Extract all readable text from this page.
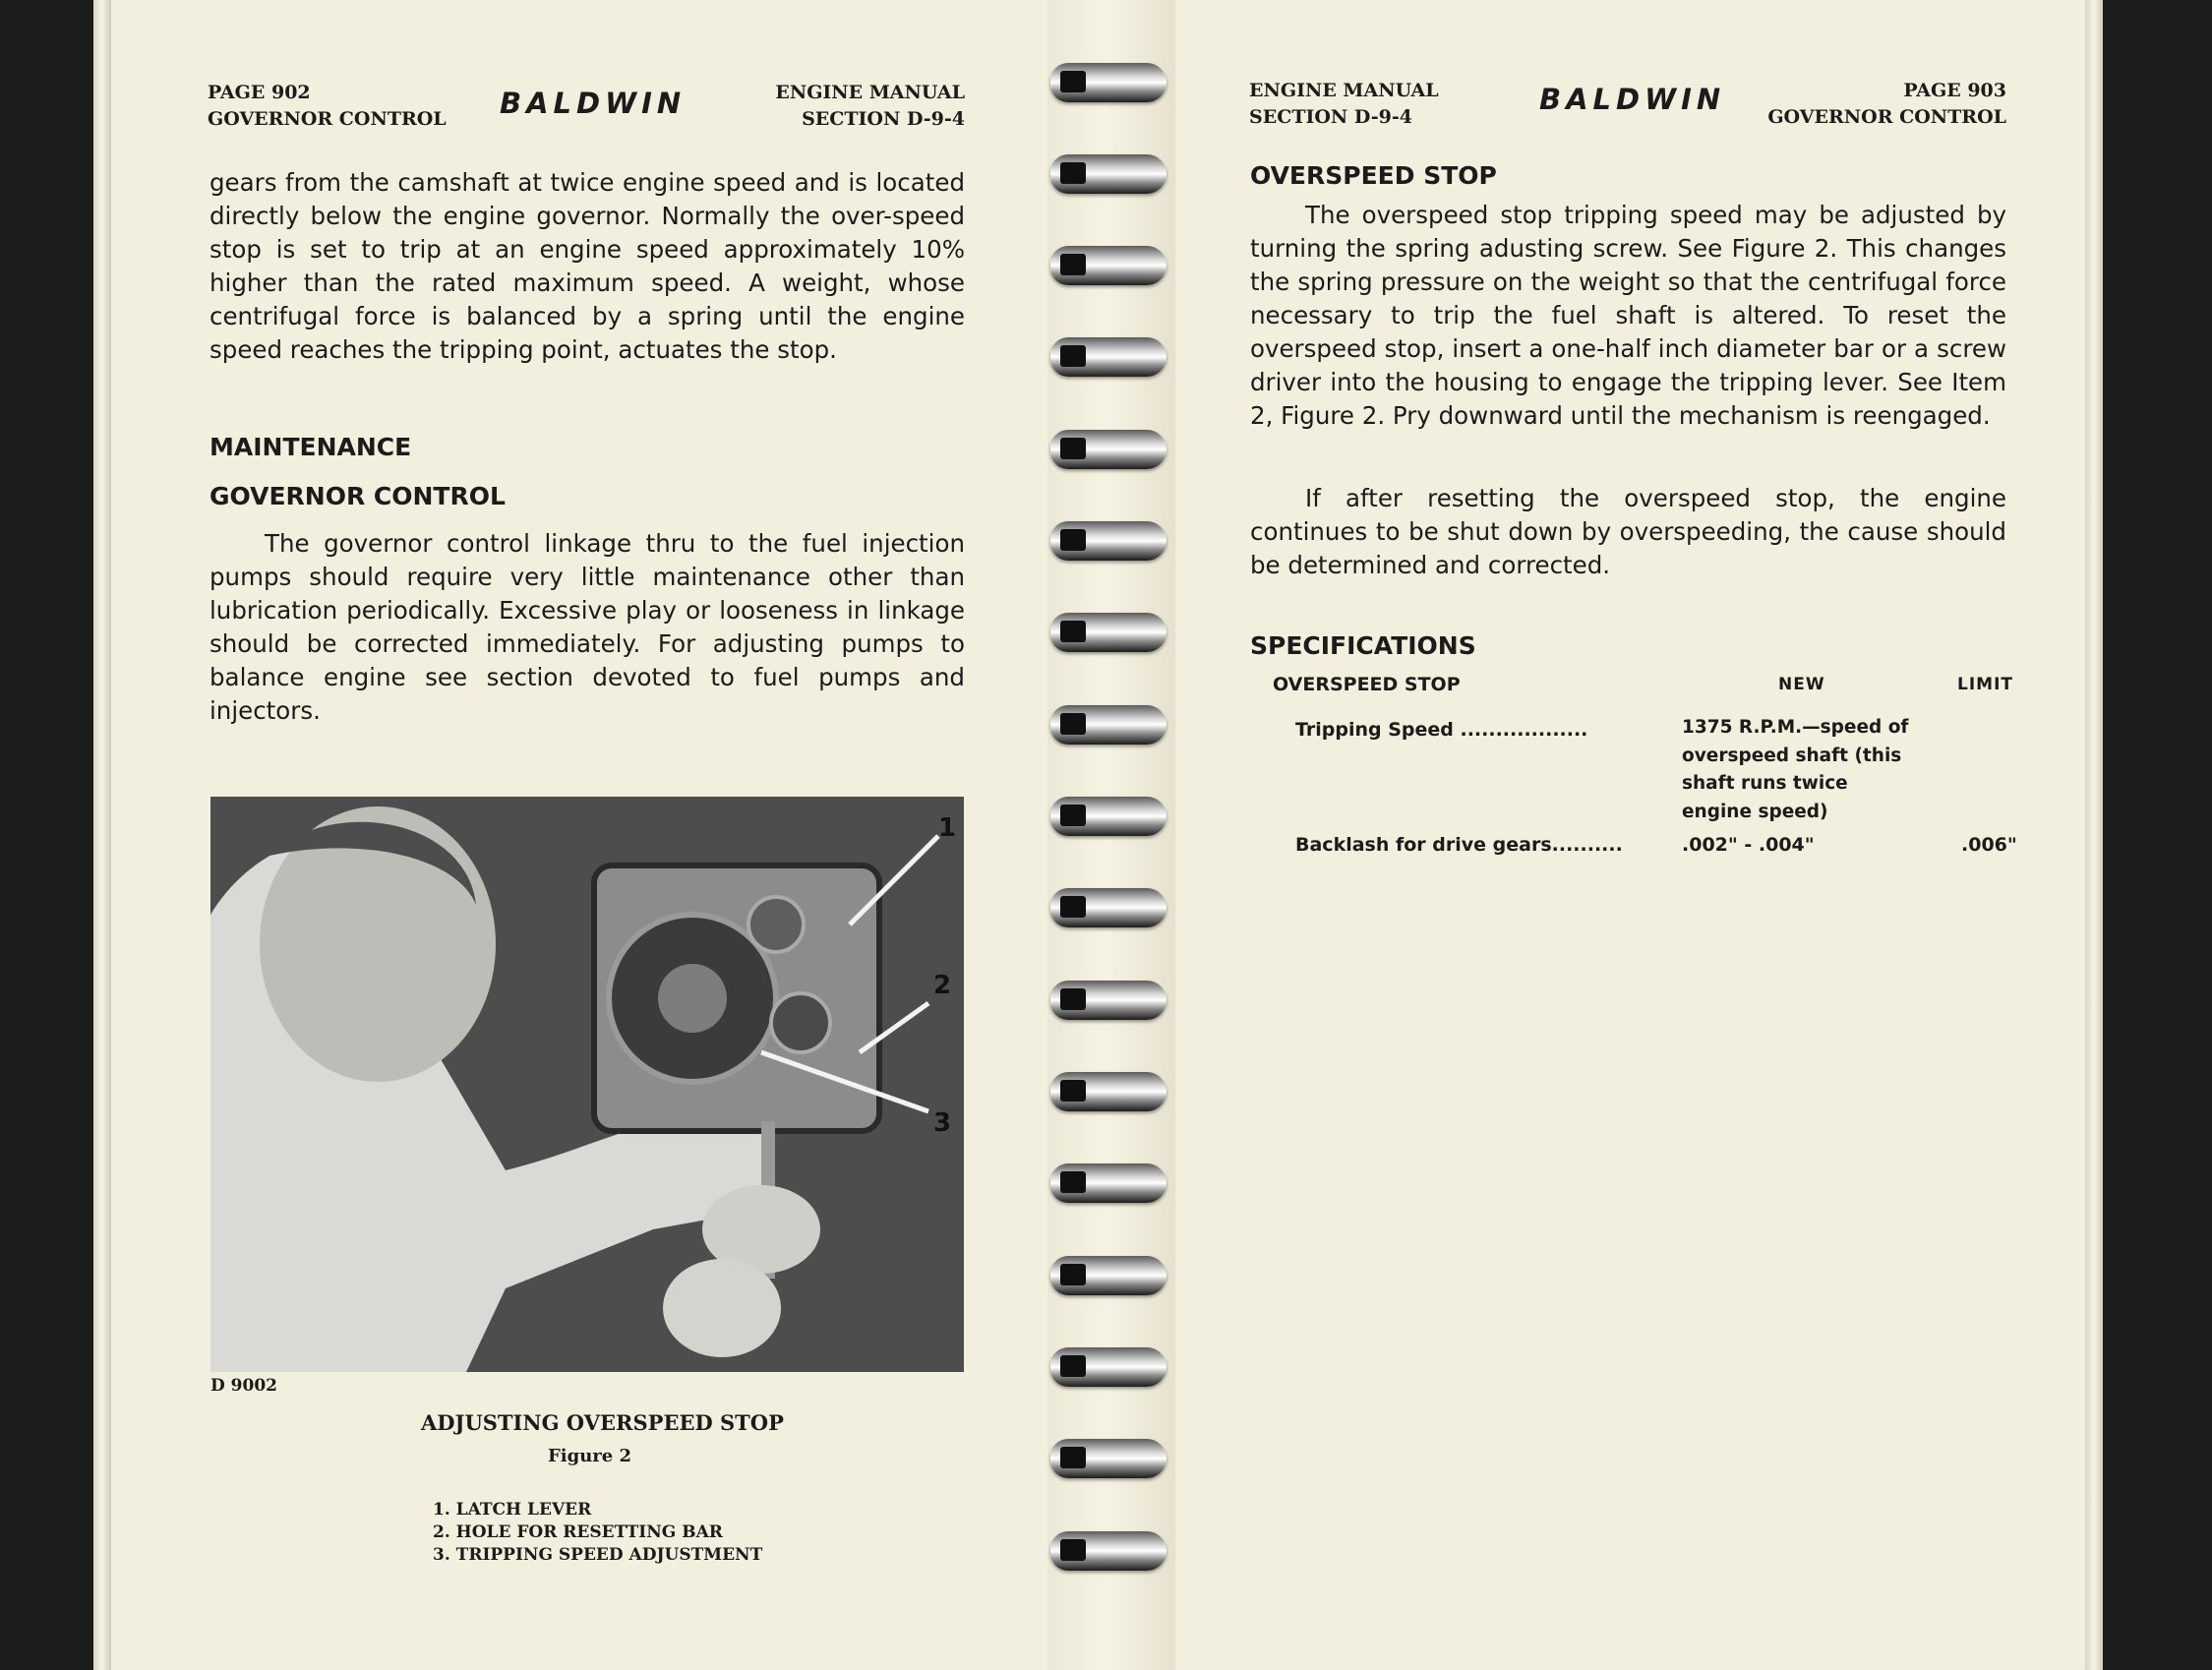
PAGE 902
GOVERNOR CONTROL BALDWIN	ENGINE MANUAL
SECTION D-9-4

gears from the camshaft at twice engine speed and is located directly below the engine governor. Normally the over-speed stop is set to trip at an engine speed approximately 10% higher than the rated maximum speed. A weight, whose centrifugal force is balanced by a spring until the engine speed reaches the tripping point, actuates the stop.

MAINTENANCE
GOVERNOR CONTROL

The governor control linkage thru to the fuel injection pumps should require very little maintenance other than lubrication periodically. Excessive play or looseness in linkage should be corrected immediately. For adjusting pumps to balance engine see section devoted to fuel pumps and injectors.

1
2
3
D 9002
ADJUSTING OVERSPEED STOP
Figure 2
1. LATCH LEVER
2. HOLE FOR RESETTING BAR
3. TRIPPING SPEED ADJUSTMENT
ENGINE MANUAL
SECTION D-9-4
BALDWIN	PAGE 903
GOVERNOR CONTROL
OVERSPEED STOP

The overspeed stop tripping speed may be adjusted by turning the spring adusting screw. See Figure 2. This changes the spring pressure on the weight so that the centrifugal force necessary to trip the fuel shaft is altered. To reset the overspeed stop, insert a one-half inch diameter bar or a screw driver into the housing to engage the tripping lever. See Item 2, Figure 2. Pry downward until the mechanism is reengaged.

If after resetting the overspeed stop, the engine continues to be shut down by overspeeding, the cause should be determined and corrected.

SPECIFICATIONS
OVERSPEED STOP	NEW	LIMIT
Tripping Speed ..................	1375 R.P.M.—speed of overspeed shaft (this shaft runs twice engine speed)
Backlash for drive gears..........	.002" - .004"	.006"
